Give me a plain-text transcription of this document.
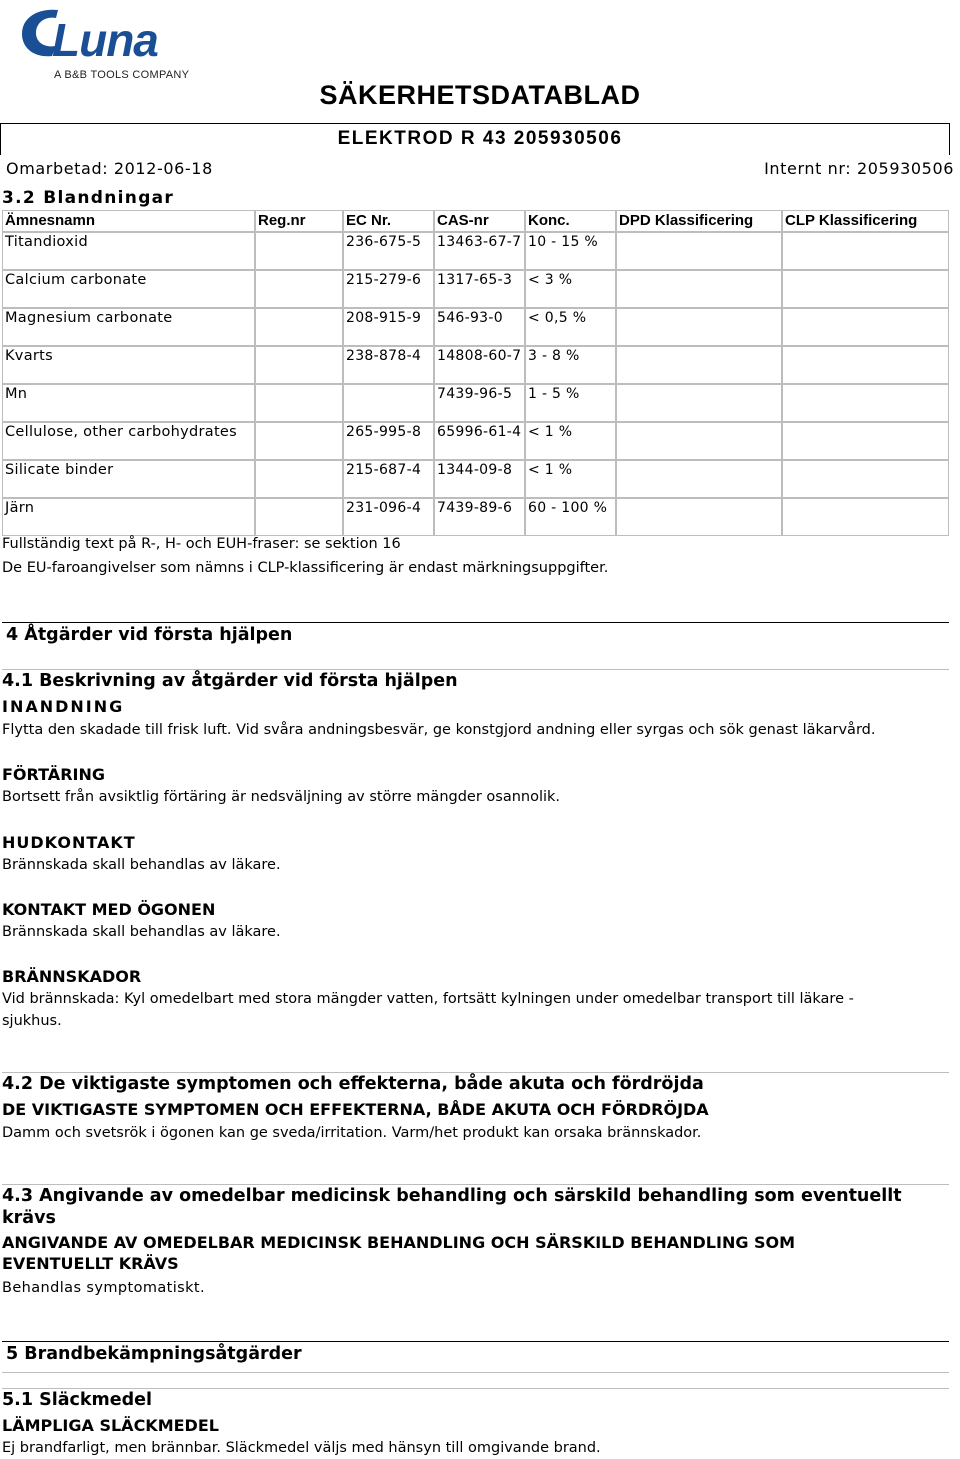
Luna
A B&B TOOLS COMPANY
SÄKERHETSDATABLAD
ELEKTROD R 43 205930506
Omarbetad: 2012-06-18	Internt nr: 205930506
3.2 Blandningar
Ämnesnamn	Reg.nr	EC Nr.	CAS-nr	Konc.	DPD Klassificering	CLP Klassificering
Titandioxid		236-675-5	13463-67-7	10 - 15 %		
Calcium carbonate		215-279-6	1317-65-3	< 3 %		
Magnesium carbonate		208-915-9	546-93-0	< 0,5 %		
Kvarts		238-878-4	14808-60-7	3 - 8 %		
Mn			7439-96-5	1 - 5 %		
Cellulose, other carbohydrates		265-995-8	65996-61-4	< 1 %		
Silicate binder		215-687-4	1344-09-8	< 1 %		
Järn		231-096-4	7439-89-6	60 - 100 %		
Fullständig text på R-, H- och EUH-fraser: se sektion 16
De EU-faroangivelser som nämns i CLP-klassificering är endast märkningsuppgifter.
4 Åtgärder vid första hjälpen
4.1 Beskrivning av åtgärder vid första hjälpen
INANDNING
Flytta den skadade till frisk luft. Vid svåra andningsbesvär, ge konstgjord andning eller syrgas och sök genast läkarvård.
FÖRTÄRING
Bortsett från avsiktlig förtäring är nedsväljning av större mängder osannolik.
HUDKONTAKT
Brännskada skall behandlas av läkare.
KONTAKT MED ÖGONEN
Brännskada skall behandlas av läkare.
BRÄNNSKADOR
Vid brännskada: Kyl omedelbart med stora mängder vatten, fortsätt kylningen under omedelbar transport till läkare -
sjukhus.
4.2 De viktigaste symptomen och effekterna, både akuta och fördröjda
DE VIKTIGASTE SYMPTOMEN OCH EFFEKTERNA, BÅDE AKUTA OCH FÖRDRÖJDA
Damm och svetsrök i ögonen kan ge sveda/irritation. Varm/het produkt kan orsaka brännskador.
4.3 Angivande av omedelbar medicinsk behandling och särskild behandling som eventuellt
krävs
ANGIVANDE AV OMEDELBAR MEDICINSK BEHANDLING OCH SÄRSKILD BEHANDLING SOM
EVENTUELLT KRÄVS
Behandlas symptomatiskt.
5 Brandbekämpningsåtgärder
5.1 Släckmedel
LÄMPLIGA SLÄCKMEDEL
Ej brandfarligt, men brännbar. Släckmedel väljs med hänsyn till omgivande brand.
